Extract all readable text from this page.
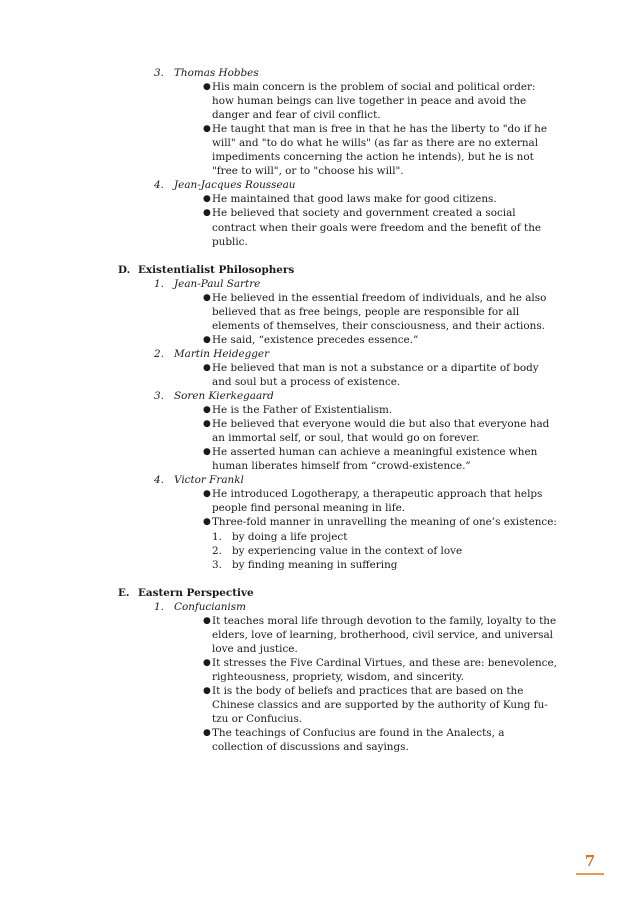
3. Thomas Hobbes
● His main concern is the problem of social and political order: how human beings can live together in peace and avoid the danger and fear of civil conflict.
● He taught that man is free in that he has the liberty to "do if he will" and "to do what he wills" (as far as there are no external impediments concerning the action he intends), but he is not "free to will", or to "choose his will".
4. Jean-Jacques Rousseau
● He maintained that good laws make for good citizens.
● He believed that society and government created a social contract when their goals were freedom and the benefit of the public.
D. Existentialist Philosophers
1. Jean-Paul Sartre
● He believed in the essential freedom of individuals, and he also believed that as free beings, people are responsible for all elements of themselves, their consciousness, and their actions.
● He said, “existence precedes essence.”
2. Martin Heidegger
● He believed that man is not a substance or a dipartite of body and soul but a process of existence.
3. Soren Kierkegaard
● He is the Father of Existentialism.
● He believed that everyone would die but also that everyone had an immortal self, or soul, that would go on forever.
● He asserted human can achieve a meaningful existence when human liberates himself from “crowd-existence.”
4. Victor Frankl
● He introduced Logotherapy, a therapeutic approach that helps people find personal meaning in life.
● Three-fold manner in unravelling the meaning of one’s existence:
1. by doing a life project
2. by experiencing value in the context of love
3. by finding meaning in suffering
E. Eastern Perspective
1. Confucianism
● It teaches moral life through devotion to the family, loyalty to the elders, love of learning, brotherhood, civil service, and universal love and justice.
● It stresses the Five Cardinal Virtues, and these are: benevolence, righteousness, propriety, wisdom, and sincerity.
● It is the body of beliefs and practices that are based on the Chinese classics and are supported by the authority of Kung fu-tzu or Confucius.
● The teachings of Confucius are found in the Analects, a collection of discussions and sayings.
7
